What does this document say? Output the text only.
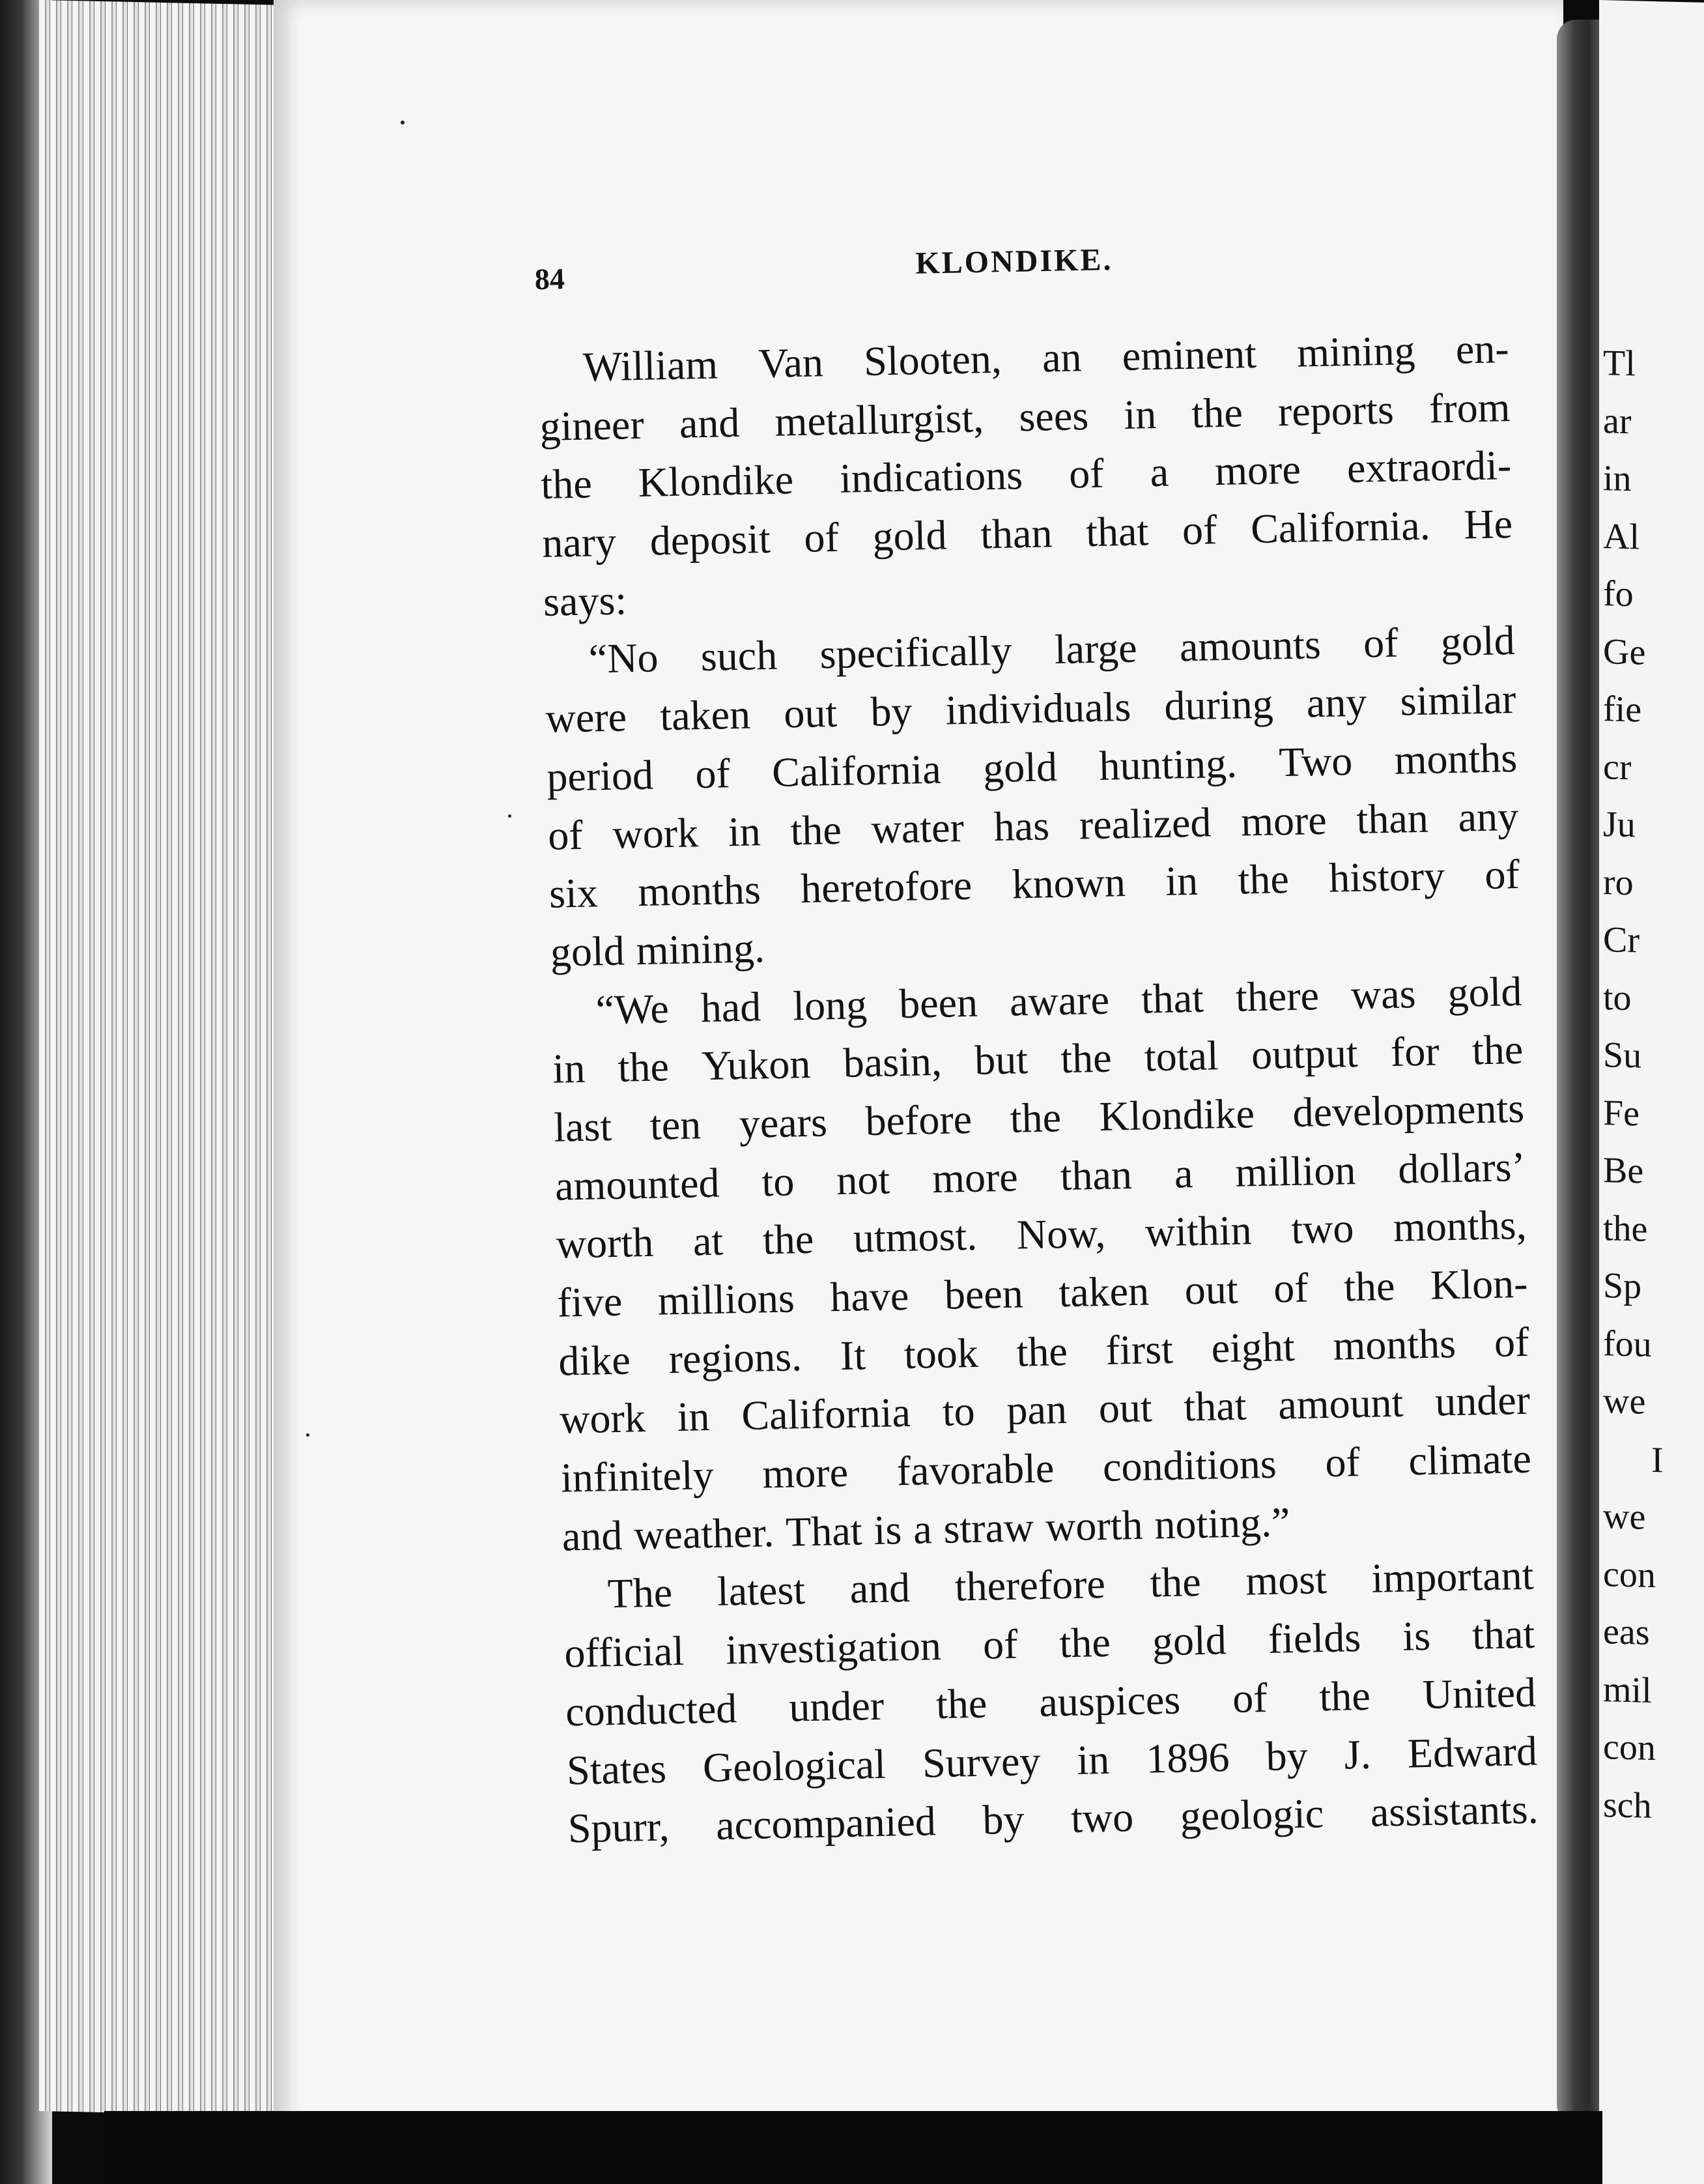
84	KLONDIKE.
William Van Slooten, an eminent mining en-
gineer and metallurgist, sees in the reports from
the Klondike indications of a more extraordi-
nary deposit of gold than that of California. He
says:
“No such specifically large amounts of gold
were taken out by individuals during any similar
period of California gold hunting. Two months
of work in the water has realized more than any
six months heretofore known in the history of
gold mining.
“We had long been aware that there was gold
in the Yukon basin, but the total output for the
last ten years before the Klondike developments
amounted to not more than a million dollars’
worth at the utmost. Now, within two months,
five millions have been taken out of the Klon-
dike regions. It took the first eight months of
work in California to pan out that amount under
infinitely more favorable conditions of climate
and weather. That is a straw worth noting.”
The latest and therefore the most important
official investigation of the gold fields is that
conducted under the auspices of the United
States Geological Survey in 1896 by J. Edward
Spurr, accompanied by two geologic assistants.
Tl
ar
in
Al
fo
Ge
fie
cr
Ju
ro
Cr
to
Su
Fe
Be
the
Sp
fou
we
I
we
con
eas
mil
con
sch
